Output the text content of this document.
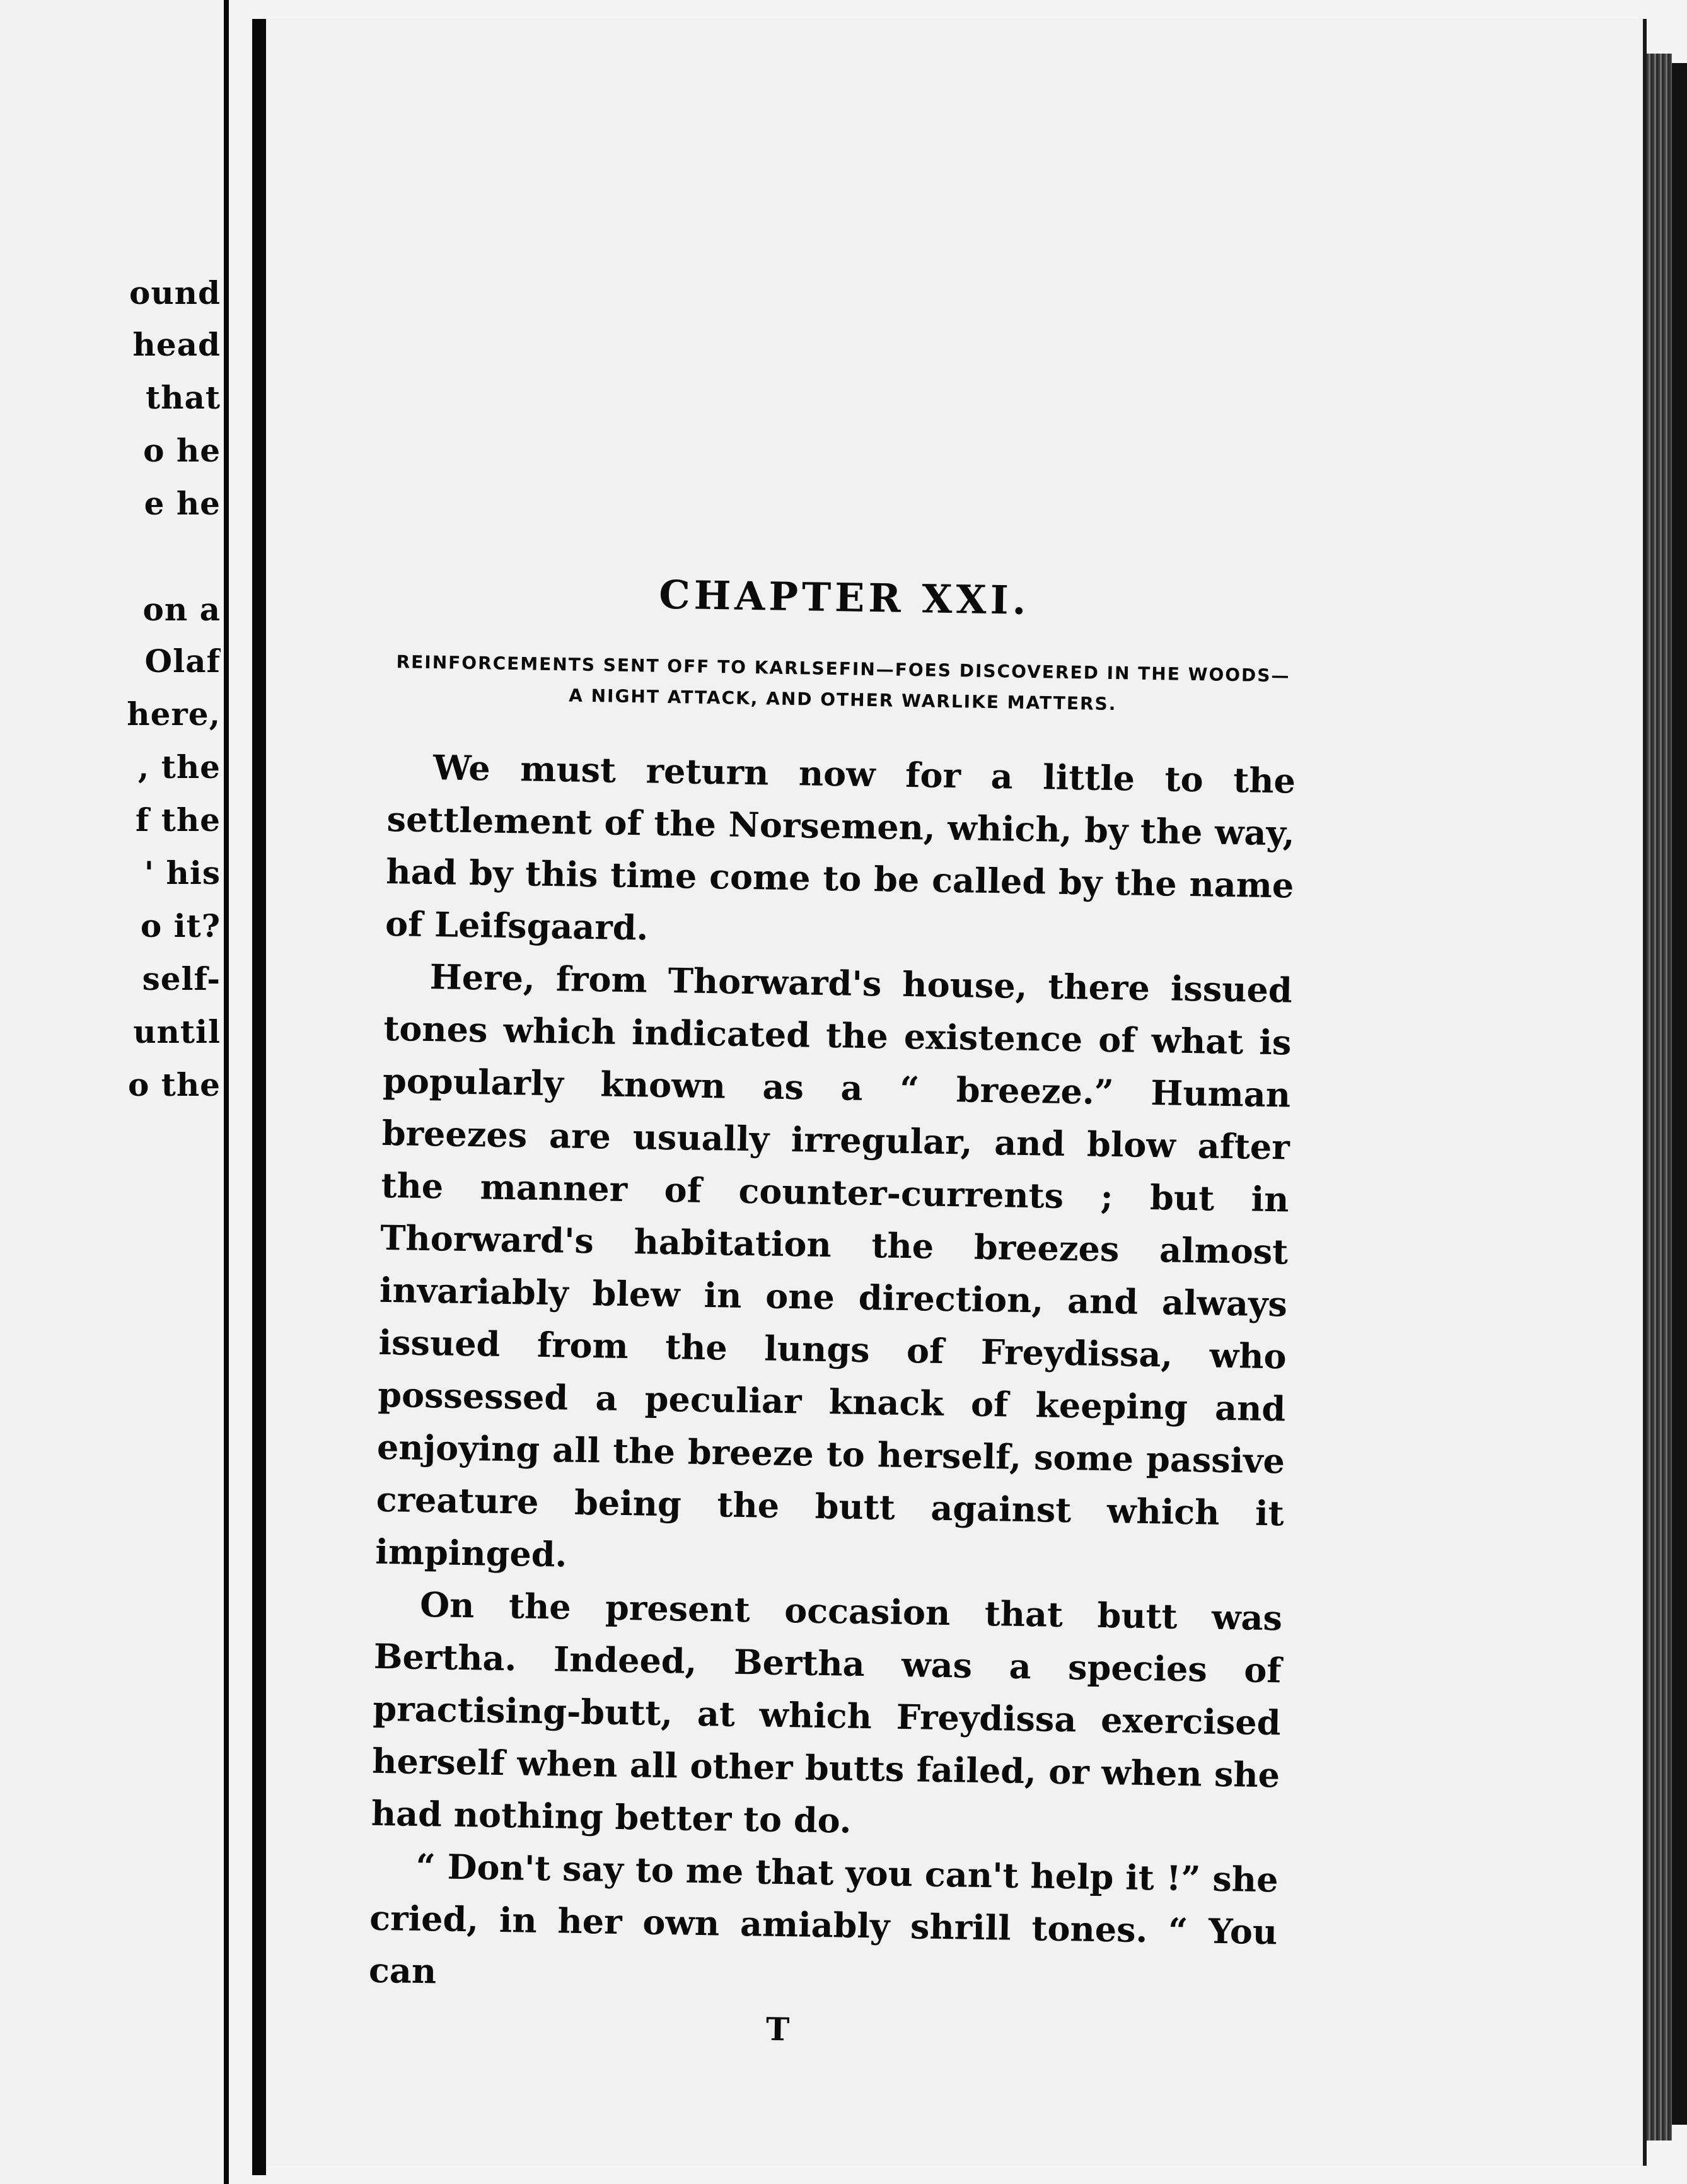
ound
head
that
o he
e he
on a
Olaf
here,
, the
f the
' his
o it?
self-
until
o the
CHAPTER XXI.
REINFORCEMENTS SENT OFF TO KARLSEFIN—FOES DISCOVERED IN THE WOODS—A NIGHT ATTACK, AND OTHER WARLIKE MATTERS.

We must return now for a little to the settlement of the Norsemen, which, by the way, had by this time come to be called by the name of Leifsgaard.

Here, from Thorward's house, there issued tones which indicated the existence of what is popularly known as a “ breeze.” Human breezes are usually irregular, and blow after the manner of counter-currents ; but in Thorward's habitation the breezes almost invariably blew in one direction, and always issued from the lungs of Freydissa, who possessed a peculiar knack of keeping and enjoying all the breeze to herself, some passive creature being the butt against which it impinged.

On the present occasion that butt was Bertha. Indeed, Bertha was a species of practising-butt, at which Freydissa exercised herself when all other butts failed, or when she had nothing better to do.

“ Don't say to me that you can't help it !” she cried, in her own amiably shrill tones. “ You can

T
